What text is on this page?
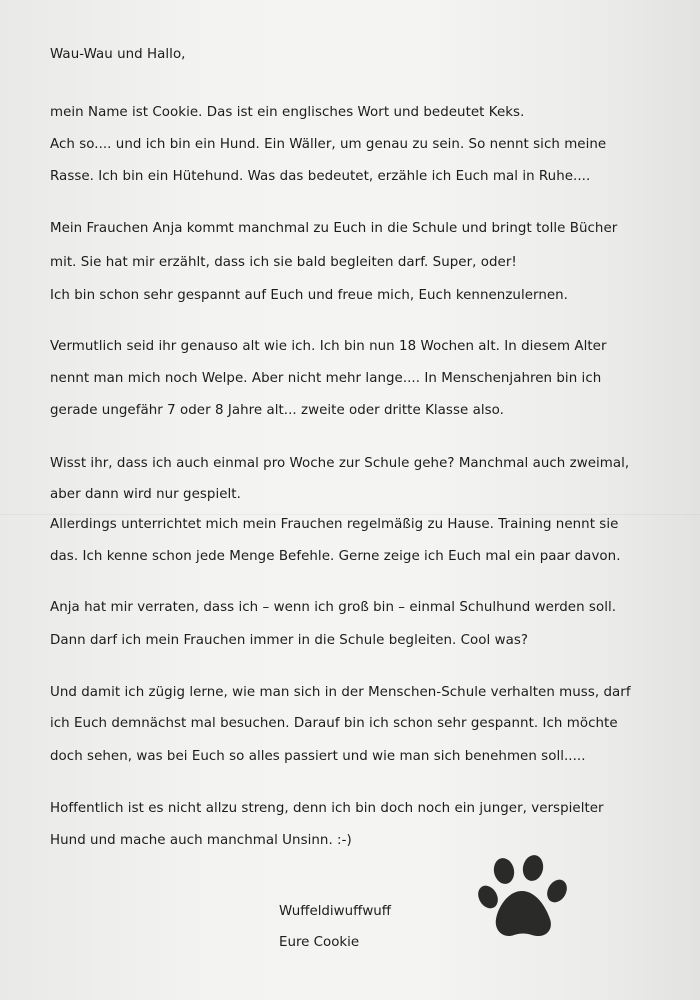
Wau-Wau und Hallo,
mein Name ist Cookie. Das ist ein englisches Wort und bedeutet Keks.
Ach so.... und ich bin ein Hund. Ein Wäller, um genau zu sein. So nennt sich meine
Rasse. Ich bin ein Hütehund. Was das bedeutet, erzähle ich Euch mal in Ruhe....
Mein Frauchen Anja kommt manchmal zu Euch in die Schule und bringt tolle Bücher
mit. Sie hat mir erzählt, dass ich sie bald begleiten darf. Super, oder!
Ich bin schon sehr gespannt auf Euch und freue mich, Euch kennenzulernen.
Vermutlich seid ihr genauso alt wie ich. Ich bin nun 18 Wochen alt. In diesem Alter
nennt man mich noch Welpe. Aber nicht mehr lange.... In Menschenjahren bin ich
gerade ungefähr 7 oder 8 Jahre alt... zweite oder dritte Klasse also.
Wisst ihr, dass ich auch einmal pro Woche zur Schule gehe? Manchmal auch zweimal,
aber dann wird nur gespielt.
Allerdings unterrichtet mich mein Frauchen regelmäßig zu Hause. Training nennt sie
das. Ich kenne schon jede Menge Befehle. Gerne zeige ich Euch mal ein paar davon.
Anja hat mir verraten, dass ich – wenn ich groß bin – einmal Schulhund werden soll.
Dann darf ich mein Frauchen immer in die Schule begleiten. Cool was?
Und damit ich zügig lerne, wie man sich in der Menschen-Schule verhalten muss, darf
ich Euch demnächst mal besuchen. Darauf bin ich schon sehr gespannt. Ich möchte
doch sehen, was bei Euch so alles passiert und wie man sich benehmen soll.....
Hoffentlich ist es nicht allzu streng, denn ich bin doch noch ein junger, verspielter
Hund und mache auch manchmal Unsinn. :-)
Wuffeldiwuffwuff
Eure Cookie
